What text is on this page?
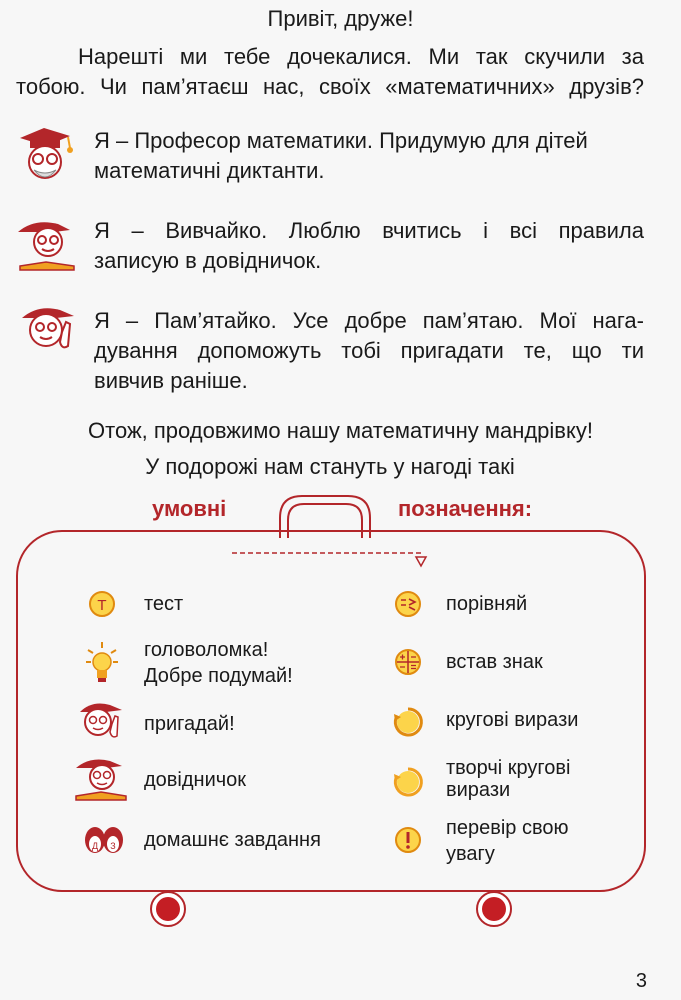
Привіт, друже!
Нарешті ми тебе дочекалися. Ми так скучили за
тобою. Чи пам’ятаєш нас, своїх «математичних» друзів?
Я – Професор математики. Придумую для дітей
математичні диктанти.
Я – Вивчайко. Люблю вчитись і всі правила
записую в довідничок.
Я – Пам’ятайко. Усе добре пам’ятаю. Мої нага-
дування допоможуть тобі пригадати те, що ти
вивчив раніше.
Отож, продовжимо нашу математичну мандрівку!
У подорожі нам стануть у нагоді такі
умовні	позначення:
T тест
головоломка!
Добре подумай!
пригадай!
довідничок
Д З домашнє завдання
порівняй
встав знак
кругові вирази
творчі кругові
вирази
перевір свою
увагу
3
